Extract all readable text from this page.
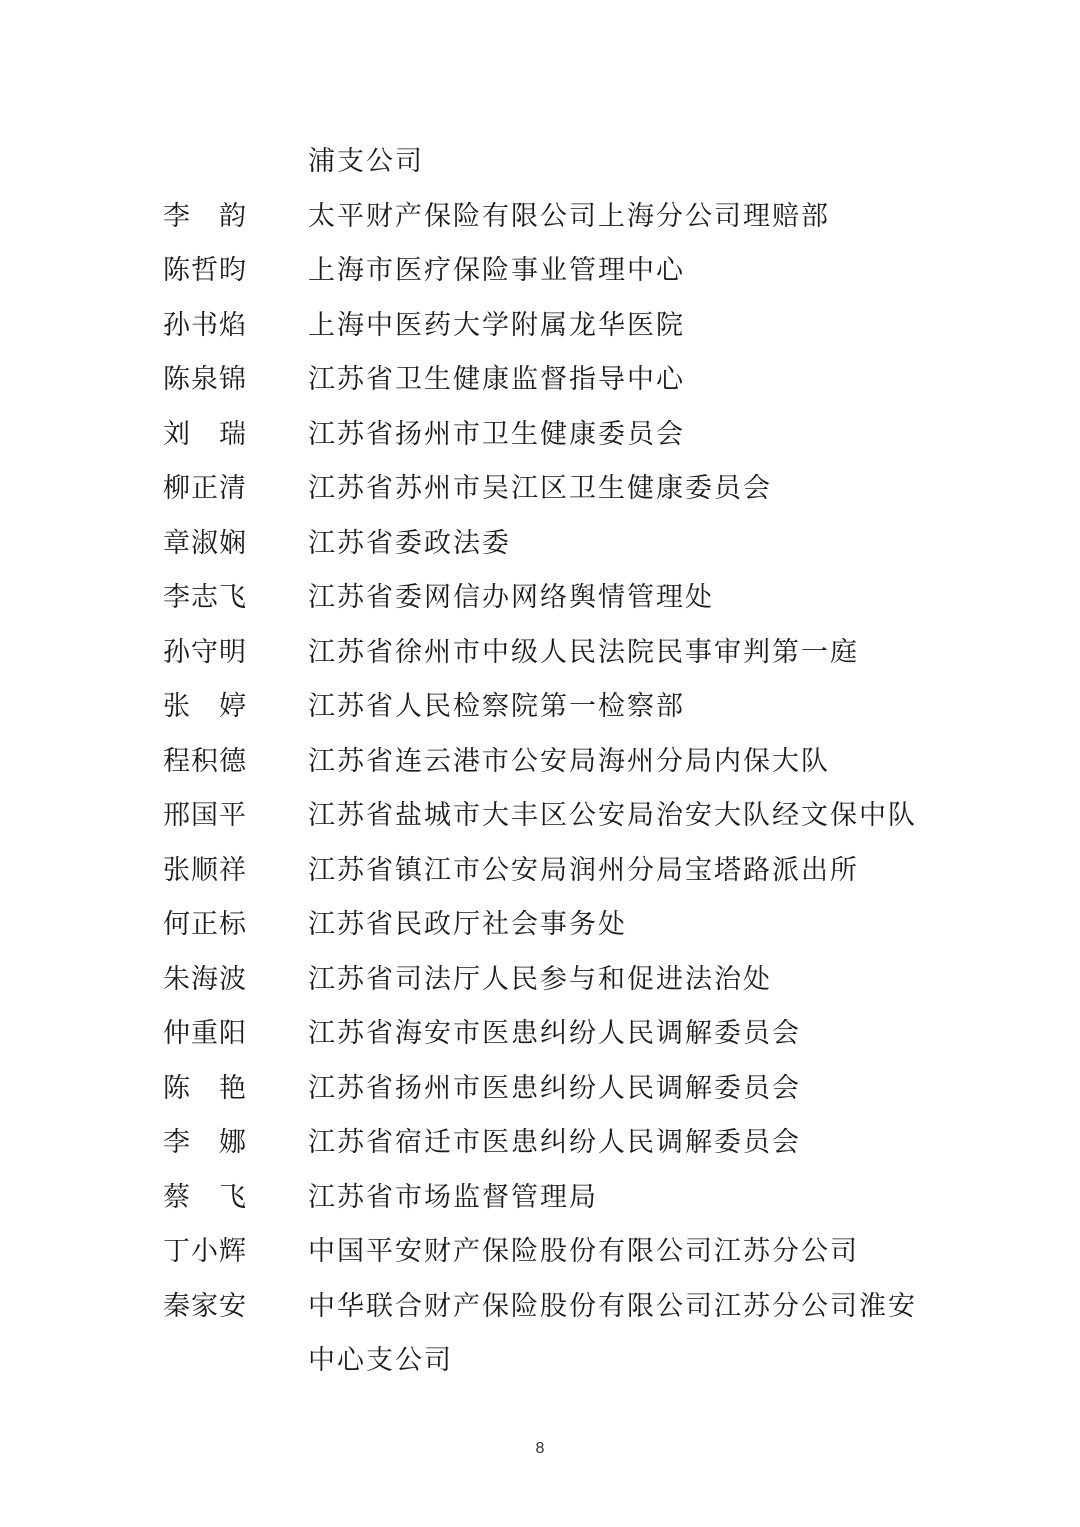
浦支公司
李　韵 太平财产保险有限公司上海分公司理赔部
陈哲昀 上海市医疗保险事业管理中心
孙书焰 上海中医药大学附属龙华医院
陈泉锦 江苏省卫生健康监督指导中心
刘　瑞 江苏省扬州市卫生健康委员会
柳正清 江苏省苏州市吴江区卫生健康委员会
章淑娴 江苏省委政法委
李志飞 江苏省委网信办网络舆情管理处
孙守明 江苏省徐州市中级人民法院民事审判第一庭
张　婷 江苏省人民检察院第一检察部
程积德 江苏省连云港市公安局海州分局内保大队
邢国平 江苏省盐城市大丰区公安局治安大队经文保中队
张顺祥 江苏省镇江市公安局润州分局宝塔路派出所
何正标 江苏省民政厅社会事务处
朱海波 江苏省司法厅人民参与和促进法治处
仲重阳 江苏省海安市医患纠纷人民调解委员会
陈　艳 江苏省扬州市医患纠纷人民调解委员会
李　娜 江苏省宿迁市医患纠纷人民调解委员会
蔡　飞 江苏省市场监督管理局
丁小辉 中国平安财产保险股份有限公司江苏分公司
秦家安 中华联合财产保险股份有限公司江苏分公司淮安
中心支公司
8
